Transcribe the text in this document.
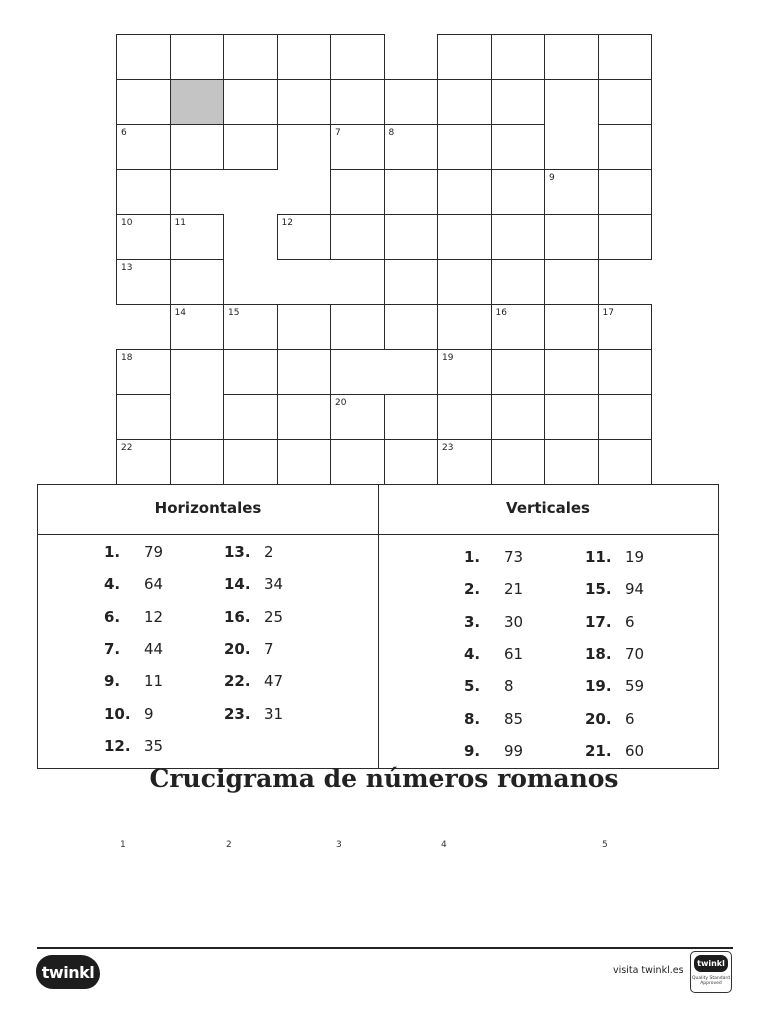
6	7	8
9
10	11	12
13
14	15	16	17
18	19
20
22	23
Horizontales	Verticales
1. 79
4. 64
6. 12
7. 44
9. 11
10. 9
12. 35
13. 2
14. 34
16. 25
20. 7
22. 47
23. 31
1. 73
2. 21
3. 30
4. 61
5. 8
8. 85
9. 99
11. 19
15. 94
17. 6
18. 70
19. 59
20. 6
21. 60
Crucigrama de números romanos
1	2	3	4	5
twinkl	visita twinkl.es
twinkl
Quality Standard Approved
